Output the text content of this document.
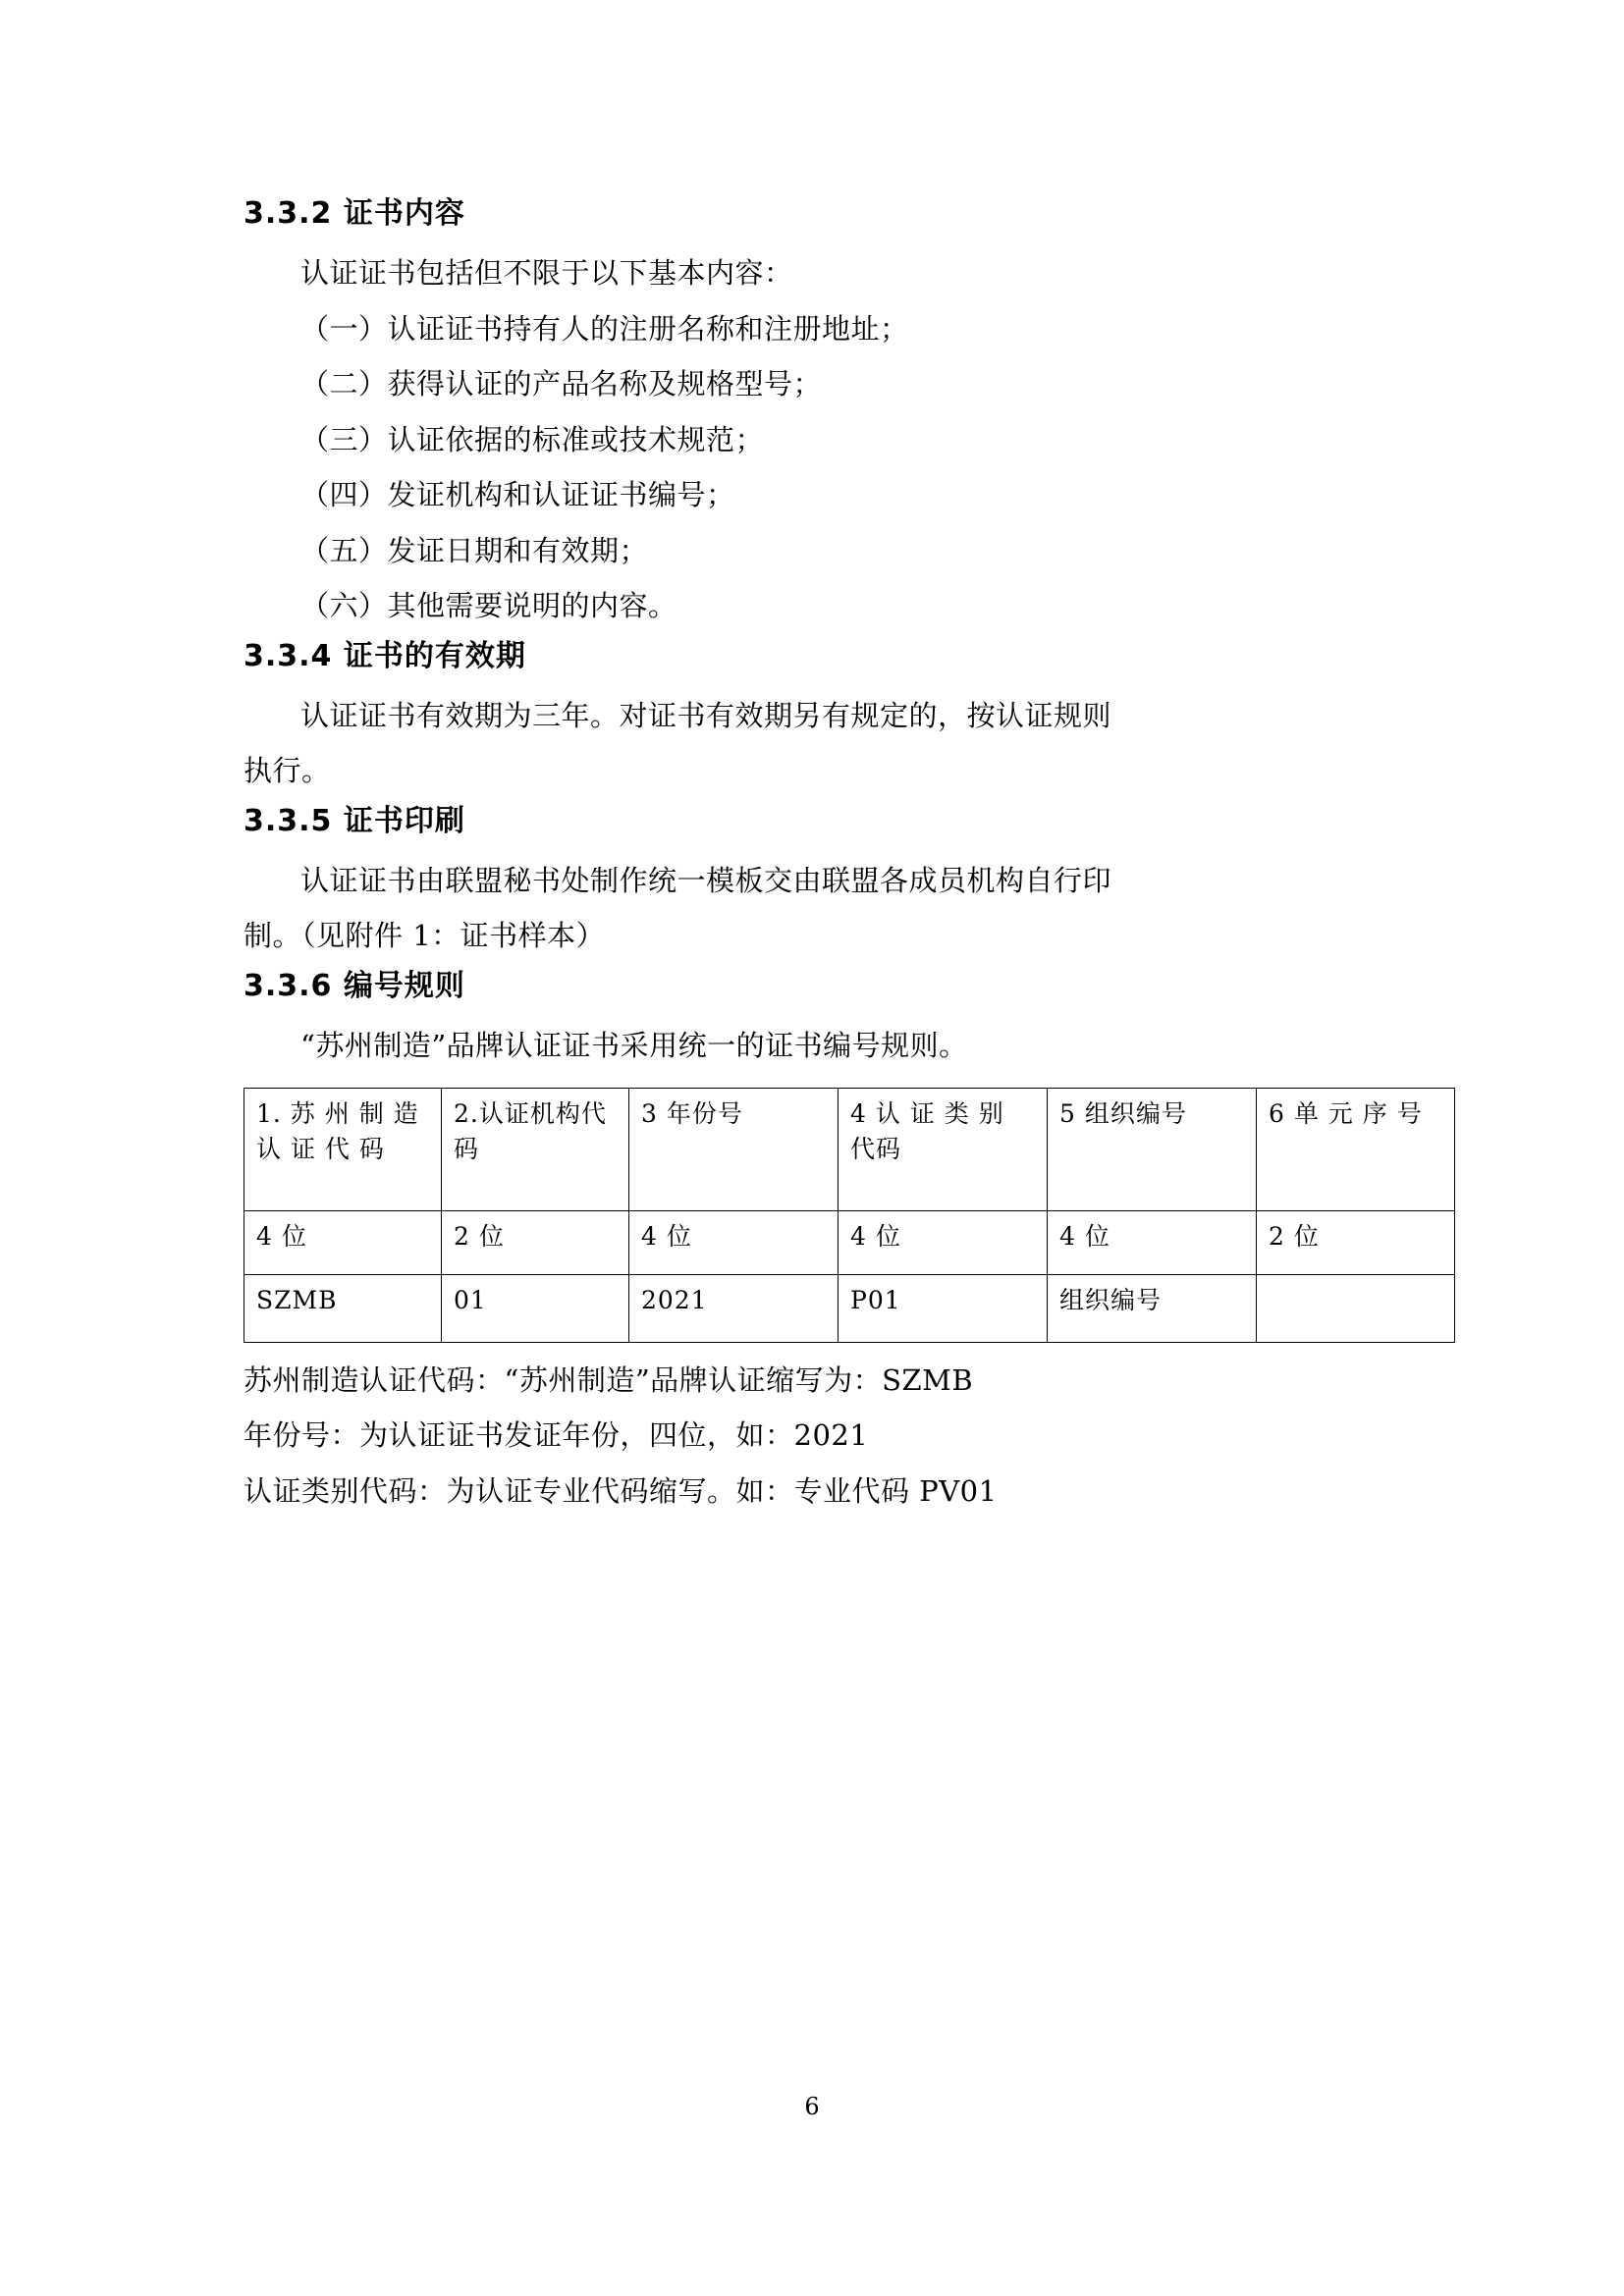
3.3.2 证书内容

认证证书包括但不限于以下基本内容：

（一）认证证书持有人的注册名称和注册地址；

（二）获得认证的产品名称及规格型号；

（三）认证依据的标准或技术规范；

（四）发证机构和认证证书编号；

（五）发证日期和有效期；

（六）其他需要说明的内容。

3.3.4 证书的有效期

认证证书有效期为三年。对证书有效期另有规定的，按认证规则

执行。

3.3.5 证书印刷

认证证书由联盟秘书处制作统一模板交由联盟各成员机构自行印

制。（见附件 1：证书样本）

3.3.6 编号规则

“苏州制造”品牌认证证书采用统一的证书编号规则。

1. 苏 州 制 造 认 证 代 码	2.认证机构代码	3 年份号	4 认 证 类 别 代码	5 组织编号	6 单 元 序 号
4 位	2 位	4 位	4 位	4 位	2 位
SZMB	01	2021	P01	组织编号	

苏州制造认证代码：“苏州制造”品牌认证缩写为：SZMB

年份号：为认证证书发证年份，四位，如：2021

认证类别代码：为认证专业代码缩写。如：专业代码 PV01

6
